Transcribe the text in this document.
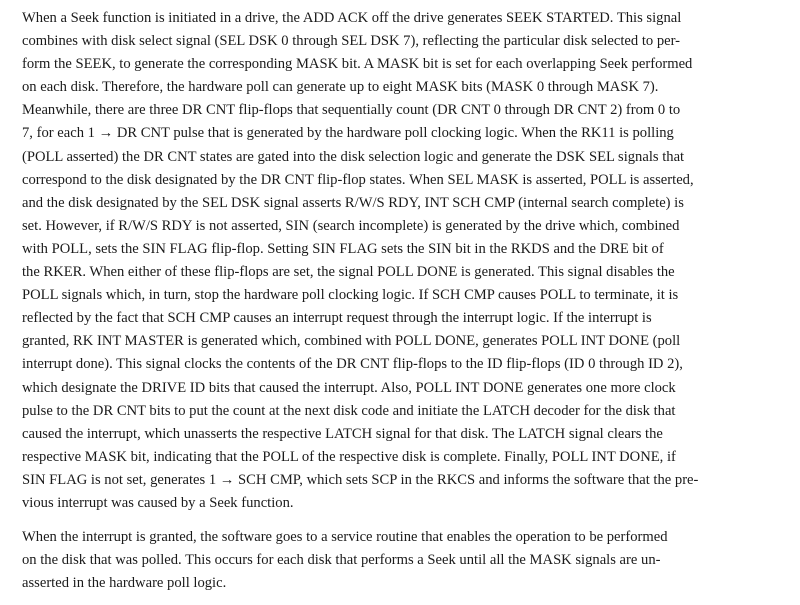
When a Seek function is initiated in a drive, the ADD ACK off the drive generates SEEK STARTED. This signal
combines with disk select signal (SEL DSK 0 through SEL DSK 7), reflecting the particular disk selected to per-
form the SEEK, to generate the corresponding MASK bit. A MASK bit is set for each overlapping Seek performed
on each disk. Therefore, the hardware poll can generate up to eight MASK bits (MASK 0 through MASK 7).
Meanwhile, there are three DR CNT flip-flops that sequentially count (DR CNT 0 through DR CNT 2) from 0 to
7, for each 1 → DR CNT pulse that is generated by the hardware poll clocking logic. When the RK11 is polling
(POLL asserted) the DR CNT states are gated into the disk selection logic and generate the DSK SEL signals that
correspond to the disk designated by the DR CNT flip-flop states. When SEL MASK is asserted, POLL is asserted,
and the disk designated by the SEL DSK signal asserts R/W/S RDY, INT SCH CMP (internal search complete) is
set. However, if R/W/S RDY is not asserted, SIN (search incomplete) is generated by the drive which, combined
with POLL, sets the SIN FLAG flip-flop. Setting SIN FLAG sets the SIN bit in the RKDS and the DRE bit of
the RKER. When either of these flip-flops are set, the signal POLL DONE is generated. This signal disables the
POLL signals which, in turn, stop the hardware poll clocking logic. If SCH CMP causes POLL to terminate, it is
reflected by the fact that SCH CMP causes an interrupt request through the interrupt logic. If the interrupt is
granted, RK INT MASTER is generated which, combined with POLL DONE, generates POLL INT DONE (poll
interrupt done). This signal clocks the contents of the DR CNT flip-flops to the ID flip-flops (ID 0 through ID 2),
which designate the DRIVE ID bits that caused the interrupt. Also, POLL INT DONE generates one more clock
pulse to the DR CNT bits to put the count at the next disk code and initiate the LATCH decoder for the disk that
caused the interrupt, which unasserts the respective LATCH signal for that disk. The LATCH signal clears the
respective MASK bit, indicating that the POLL of the respective disk is complete. Finally, POLL INT DONE, if
SIN FLAG is not set, generates 1 → SCH CMP, which sets SCP in the RKCS and informs the software that the pre-
vious interrupt was caused by a Seek function.
When the interrupt is granted, the software goes to a service routine that enables the operation to be performed
on the disk that was polled. This occurs for each disk that performs a Seek until all the MASK signals are un-
asserted in the hardware poll logic.
